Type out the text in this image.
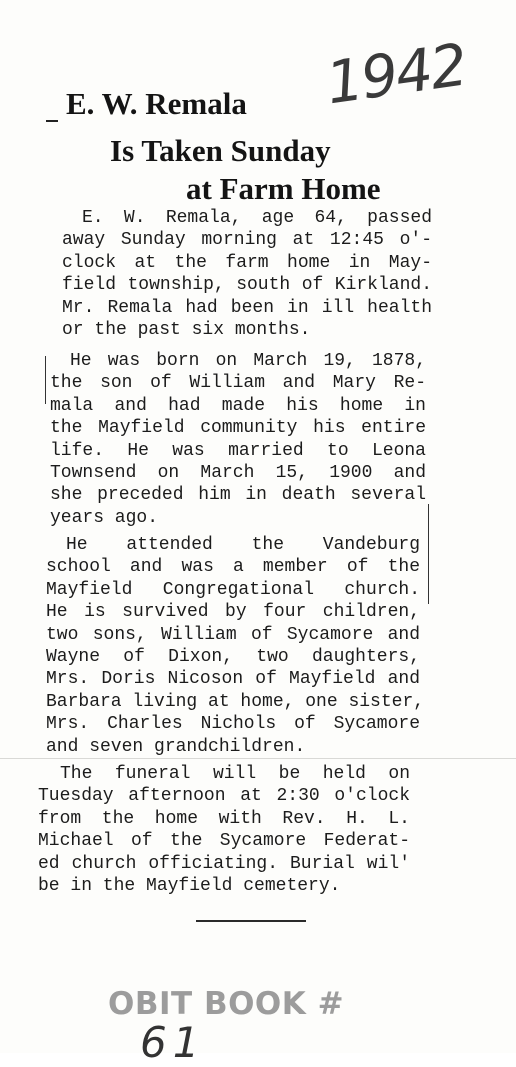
1942
E. W. Remala
Is Taken Sunday
at Farm Home
E. W. Remala, age 64, passed
away Sunday morning at 12:45 o'-
clock at the farm home in May-
field township, south of Kirkland.
Mr. Remala had been in ill health
or the past six months.
He was born on March 19, 1878,
the son of William and Mary Re-
mala and had made his home in
the Mayfield community his entire
life. He was married to Leona
Townsend on March 15, 1900 and
she preceded him in death several
years ago.
He attended the Vandeburg
school and was a member of the
Mayfield Congregational church.
He is survived by four children,
two sons, William of Sycamore and
Wayne of Dixon, two daughters,
Mrs. Doris Nicoson of Mayfield and
Barbara living at home, one sister,
Mrs. Charles Nichols of Sycamore
and seven grandchildren.
The funeral will be held on
Tuesday afternoon at 2:30 o'clock
from the home with Rev. H. L.
Michael of the Sycamore Federat-
ed church officiating. Burial wil'
be in the Mayfield cemetery.
OBIT BOOK #
61
